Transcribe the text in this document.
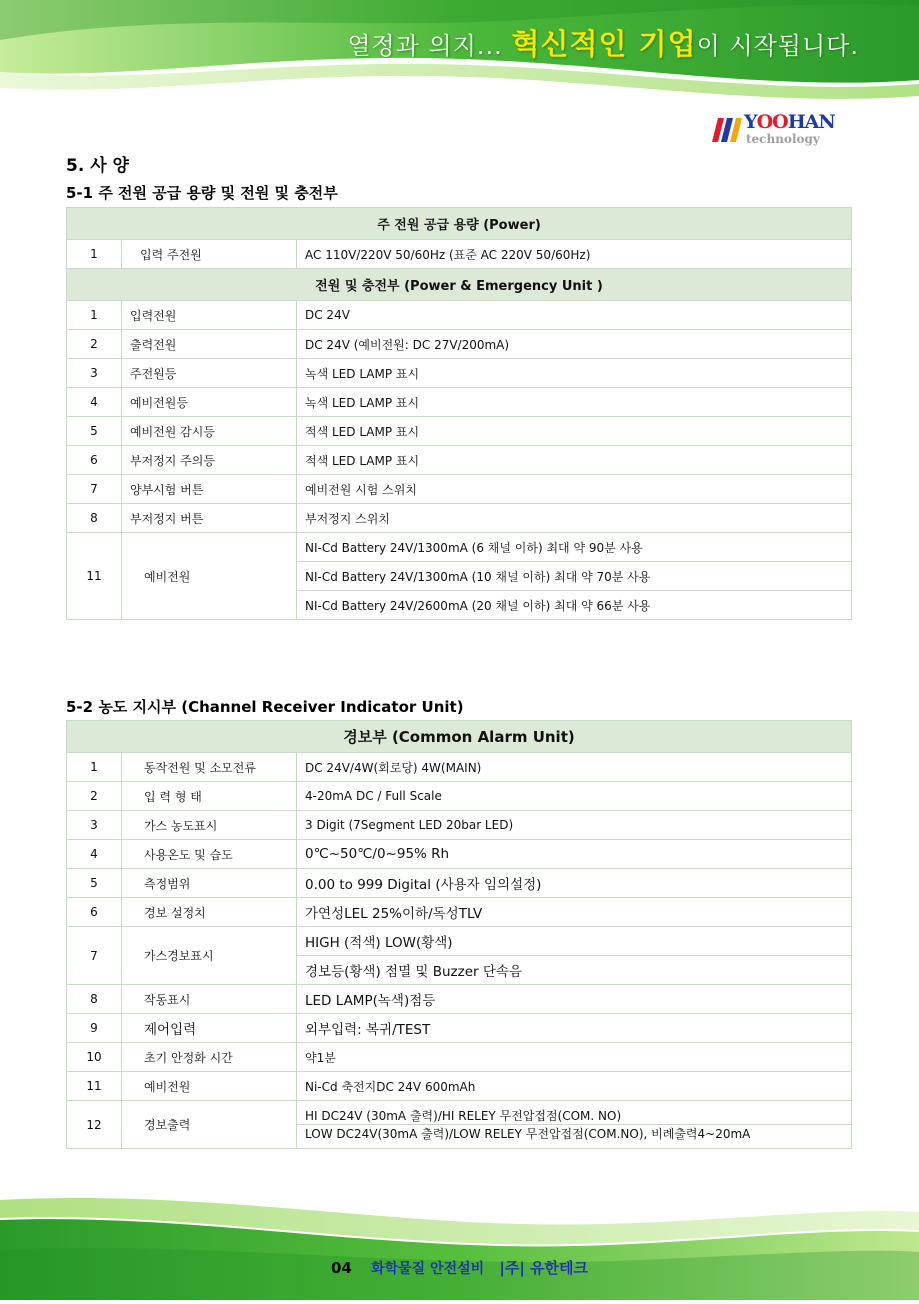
열정과 의지... 혁신적인 기업이 시작됩니다.
YOOHAN
technology
5. 사 양
5-1 주 전원 공급 용량 및 전원 및 충전부
주 전원 공급 용량 (Power)		
1	입력 주전원	AC 110V/220V 50/60Hz (표준 AC 220V 50/60Hz)
전원 및 충전부 (Power & Emergency Unit )		
1	입력전원	DC 24V
2	출력전원	DC 24V (예비전원: DC 27V/200mA)
3	주전원등	녹색 LED LAMP 표시
4	예비전원등	녹색 LED LAMP 표시
5	예비전원 감시등	적색 LED LAMP 표시
6	부저정지 주의등	적색 LED LAMP 표시
7	양부시험 버튼	예비전원 시험 스위치
8	부저정지 버튼	부저정지 스위치
11	예비전원	NI-Cd Battery 24V/1300mA (6 채널 이하) 최대 약 90분 사용
		NI-Cd Battery 24V/1300mA (10 채널 이하) 최대 약 70분 사용
		NI-Cd Battery 24V/2600mA (20 채널 이하) 최대 약 66분 사용
5-2 농도 지시부 (Channel Receiver Indicator Unit)
경보부 (Common Alarm Unit)		
1	동작전원 및 소모전류	DC 24V/4W(회로당) 4W(MAIN)
2	입 력 형 태	4-20mA DC / Full Scale
3	가스 농도표시	3 Digit (7Segment LED 20bar LED)
4	사용온도 및 습도	0℃~50℃/0~95% Rh
5	측정범위	0.00 to 999 Digital (사용자 임의설정)
6	경보 설정치	가연성LEL 25%이하/독성TLV
7	가스경보표시	HIGH (적색) LOW(황색)
		경보등(황색) 점멸 및 Buzzer 단속음
8	작동표시	LED LAMP(녹색)점등
9	제어입력	외부입력: 복귀/TEST
10	초기 안정화 시간	약1분
11	예비전원	Ni-Cd 축전지DC 24V 600mAh
12	경보출력	HI DC24V (30mA 출력)/HI RELEY 무전압접점(COM. NO)
		LOW DC24V(30mA 출력)/LOW RELEY 무전압접점(COM.NO), 비례출력4~20mA
04 화학물질 안전설비 |주| 유한테크
